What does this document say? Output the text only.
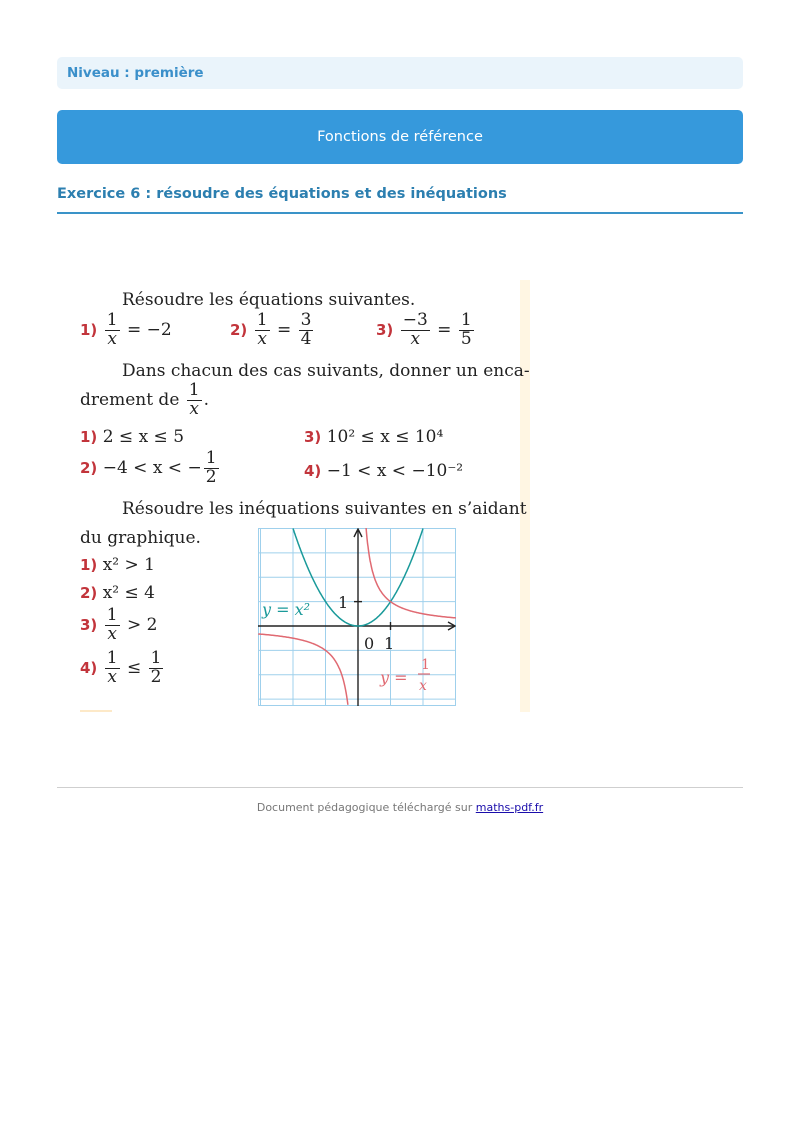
Niveau : première
Fonctions de référence
Exercice 6 : résoudre des équations et des inéquations
Résoudre les équations suivantes.
$1) \frac{1}{x} = -2$	$2) \frac{1}{x} = \frac{3}{4}$	$3) \frac{-3}{x} = \frac{1}{5}$
Dans chacun des cas suivants, donner un enca-
drement de $\frac{1}{x}$ .
1) 2 ≤ x ≤ 5	3) 10² ≤ x ≤ 10⁴
2) −4 < x < − $\frac{1}{2}$	4) −1 < x < −10⁻²
Résoudre les inéquations suivantes en s’aidant
du graphique.
1) x² > 1
2) x² ≤ 4
$3) \frac{1}{x} > 2$
$4) \frac{1}{x} \le \frac{1}{2}$
y = x² 1
0 1
y =
1
x
Document pédagogique téléchargé sur maths-pdf.fr
